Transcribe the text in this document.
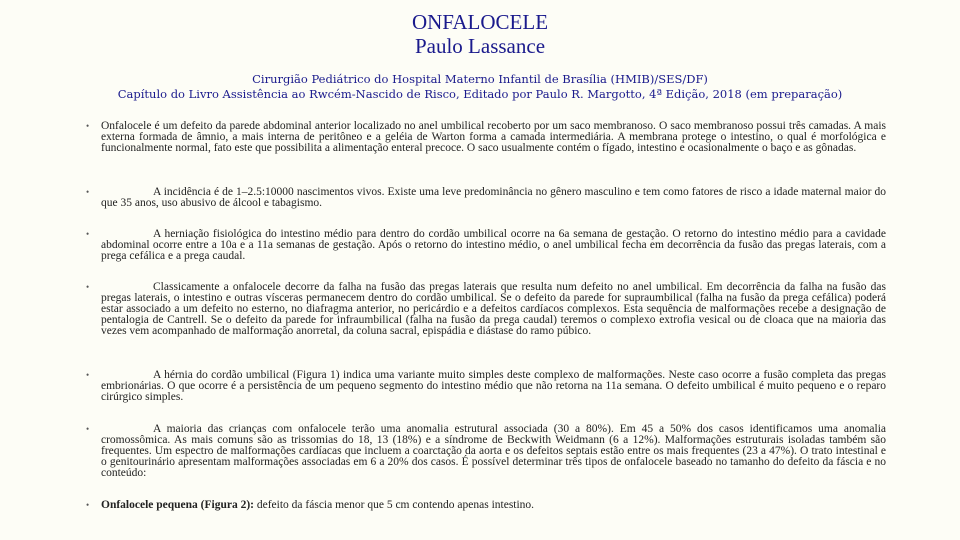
ONFALOCELE
Paulo Lassance
Cirurgião Pediátrico do Hospital Materno Infantil de Brasília (HMIB)/SES/DF)
Capítulo do Livro Assistência ao Rwcém-Nascido de Risco, Editado por Paulo R. Margotto, 4ª Edição, 2018 (em preparação)
• Onfalocele é um defeito da parede abdominal anterior localizado no anel umbilical recoberto por um saco membranoso. O saco membranoso possui três camadas. A mais externa formada de âmnio, a mais interna de peritôneo e a geléia de Warton forma a camada intermediária. A membrana protege o intestino, o qual é morfológica e funcionalmente normal, fato este que possibilita a alimentação enteral precoce. O saco usualmente contém o fígado, intestino e ocasionalmente o baço e as gônadas.
•	A incidência é de 1–2.5:10000 nascimentos vivos. Existe uma leve predominância no gênero masculino e tem como fatores de risco a idade maternal maior do que 35 anos, uso abusivo de álcool e tabagismo.
•	A herniação fisiológica do intestino médio para dentro do cordão umbilical ocorre na 6a semana de gestação. O retorno do intestino médio para a cavidade abdominal ocorre entre a 10a e a 11a semanas de gestação. Após o retorno do intestino médio, o anel umbilical fecha em decorrência da fusão das pregas laterais, com a prega cefálica e a prega caudal.
•	Classicamente a onfalocele decorre da falha na fusão das pregas laterais que resulta num defeito no anel umbilical. Em decorrência da falha na fusão das pregas laterais, o intestino e outras vísceras permanecem dentro do cordão umbilical. Se o defeito da parede for supraumbilical (falha na fusão da prega cefálica) poderá estar associado a um defeito no esterno, no diafragma anterior, no pericárdio e a defeitos cardíacos complexos. Esta sequência de malformações recebe a designação de pentalogia de Cantrell. Se o defeito da parede for infraumbilical (falha na fusão da prega caudal) teremos o complexo extrofia vesical ou de cloaca que na maioria das vezes vem acompanhado de malformação anorretal, da coluna sacral, epispádia e diástase do ramo púbico.
•	A hérnia do cordão umbilical (Figura 1) indica uma variante muito simples deste complexo de malformações. Neste caso ocorre a fusão completa das pregas embrionárias. O que ocorre é a persistência de um pequeno segmento do intestino médio que não retorna na 11a semana. O defeito umbilical é muito pequeno e o reparo cirúrgico simples.
•	A maioria das crianças com onfalocele terão uma anomalia estrutural associada (30 a 80%). Em 45 a 50% dos casos identificamos uma anomalia cromossômica. As mais comuns são as trissomias do 18, 13 (18%) e a síndrome de Beckwith Weidmann (6 a 12%). Malformações estruturais isoladas também são frequentes. Um espectro de malformações cardíacas que incluem a coarctação da aorta e os defeitos septais estão entre os mais frequentes (23 a 47%). O trato intestinal e o genitourinário apresentam malformações associadas em 6 a 20% dos casos. É possível determinar três tipos de onfalocele baseado no tamanho do defeito da fáscia e no conteúdo:
• Onfalocele pequena (Figura 2): defeito da fáscia menor que 5 cm contendo apenas intestino.
